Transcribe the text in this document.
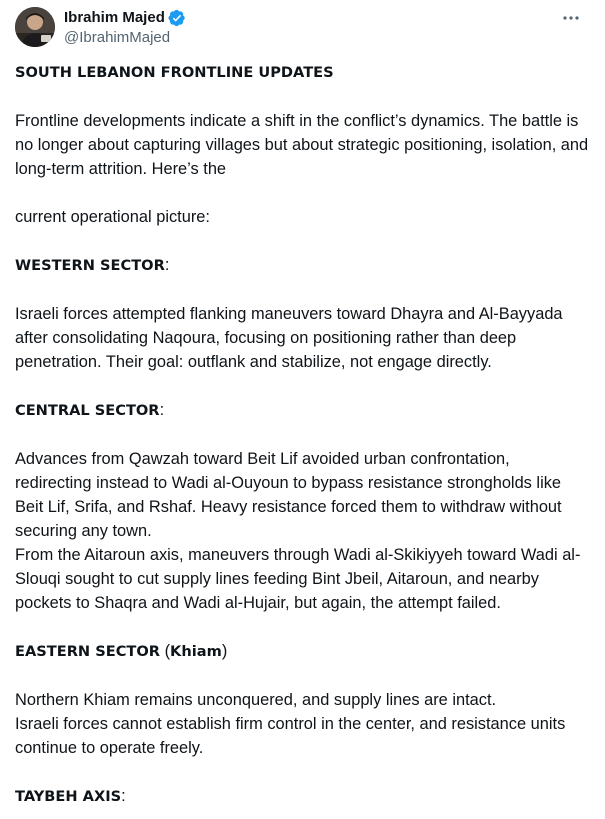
Ibrahim Majed
@IbrahimMajed

SOUTH LEBANON FRONTLINE UPDATES

Frontline developments indicate a shift in the conflict’s dynamics. The battle is no longer about capturing villages but about strategic positioning, isolation, and long-term attrition. Here’s the

current operational picture:

WESTERN SECTOR:

Israeli forces attempted flanking maneuvers toward Dhayra and Al-Bayyada after consolidating Naqoura, focusing on positioning rather than deep penetration. Their goal: outflank and stabilize, not engage directly.

CENTRAL SECTOR:

Advances from Qawzah toward Beit Lif avoided urban confrontation, redirecting instead to Wadi al-Ouyoun to bypass resistance strongholds like Beit Lif, Srifa, and Rshaf. Heavy resistance forced them to withdraw without securing any town.

From the Aitaroun axis, maneuvers through Wadi al-Skikiyyeh toward Wadi al-Slouqi sought to cut supply lines feeding Bint Jbeil, Aitaroun, and nearby pockets to Shaqra and Wadi al-Hujair, but again, the attempt failed.

EASTERN SECTOR (Khiam)

Northern Khiam remains unconquered, and supply lines are intact.

Israeli forces cannot establish firm control in the center, and resistance units continue to operate freely.

TAYBEH AXIS:
